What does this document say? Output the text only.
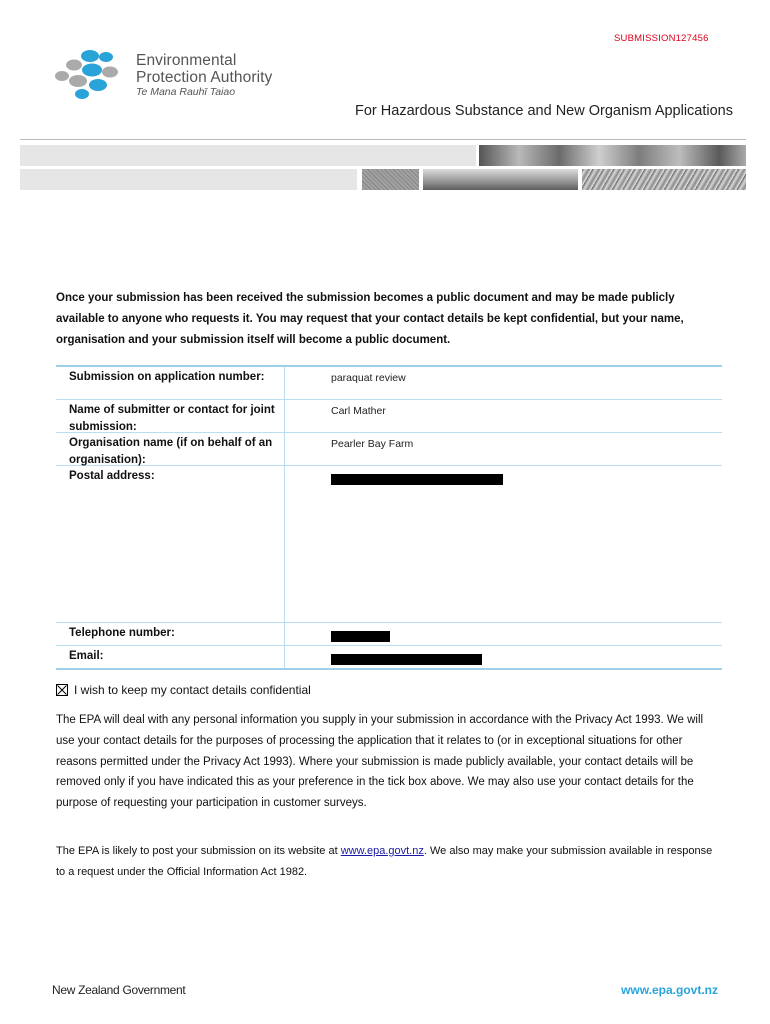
SUBMISSION127456
Environmental
Protection Authority
Te Mana Rauhī Taiao
For Hazardous Substance and New Organism Applications
Once your submission has been received the submission becomes a public document and may be made publicly available to anyone who requests it. You may request that your contact details be kept confidential, but your name, organisation and your submission itself will become a public document.
Submission on application number:	paraquat review
Name of submitter or contact for joint submission:
Carl Mather
Organisation name (if on behalf of an organisation):
Pearler Bay Farm
Postal address:
Telephone number:
Email:
I wish to keep my contact details confidential
The EPA will deal with any personal information you supply in your submission in accordance with the Privacy Act 1993. We will use your contact details for the purposes of processing the application that it relates to (or in exceptional situations for other reasons permitted under the Privacy Act 1993). Where your submission is made publicly available, your contact details will be removed only if you have indicated this as your preference in the tick box above. We may also use your contact details for the purpose of requesting your participation in customer surveys.
The EPA is likely to post your submission on its website at www.epa.govt.nz. We also may make your submission available in response to a request under the Official Information Act 1982.
New Zealand Government	www.epa.govt.nz
